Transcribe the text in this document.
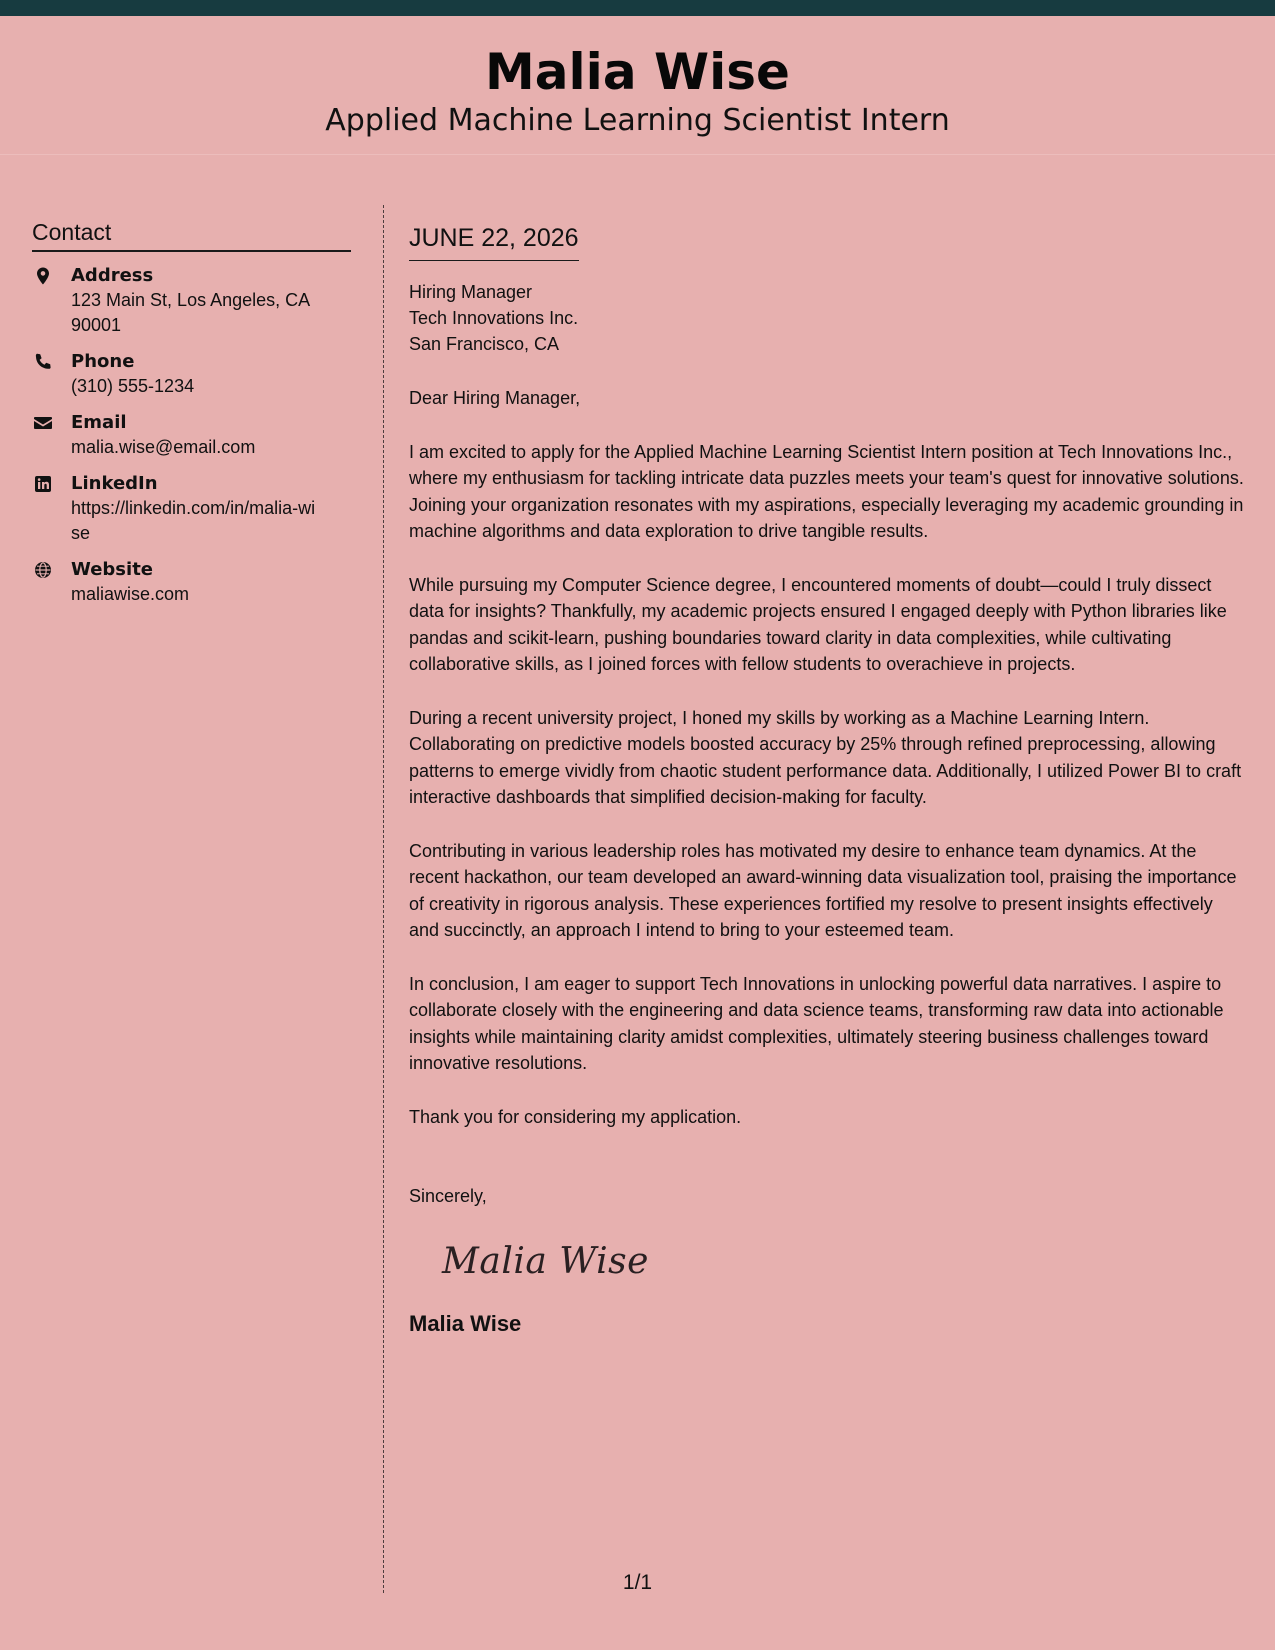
Malia Wise
Applied Machine Learning Scientist Intern
Contact
Address
123 Main St, Los Angeles, CA 90001
Phone
(310) 555-1234
Email
malia.wise@email.com
LinkedIn
https://linkedin.com/in/malia-wise
Website
maliawise.com
JUNE 22, 2026
Hiring Manager
Tech Innovations Inc.
San Francisco, CA
Dear Hiring Manager,
I am excited to apply for the Applied Machine Learning Scientist Intern position at Tech Innovations Inc., where my enthusiasm for tackling intricate data puzzles meets your team's quest for innovative solutions. Joining your organization resonates with my aspirations, especially leveraging my academic grounding in machine algorithms and data exploration to drive tangible results.
While pursuing my Computer Science degree, I encountered moments of doubt—could I truly dissect data for insights? Thankfully, my academic projects ensured I engaged deeply with Python libraries like pandas and scikit-learn, pushing boundaries toward clarity in data complexities, while cultivating collaborative skills, as I joined forces with fellow students to overachieve in projects.
During a recent university project, I honed my skills by working as a Machine Learning Intern. Collaborating on predictive models boosted accuracy by 25% through refined preprocessing, allowing patterns to emerge vividly from chaotic student performance data. Additionally, I utilized Power BI to craft interactive dashboards that simplified decision-making for faculty.
Contributing in various leadership roles has motivated my desire to enhance team dynamics. At the recent hackathon, our team developed an award-winning data visualization tool, praising the importance of creativity in rigorous analysis. These experiences fortified my resolve to present insights effectively and succinctly, an approach I intend to bring to your esteemed team.
In conclusion, I am eager to support Tech Innovations in unlocking powerful data narratives. I aspire to collaborate closely with the engineering and data science teams, transforming raw data into actionable insights while maintaining clarity amidst complexities, ultimately steering business challenges toward innovative resolutions.
Thank you for considering my application.
Sincerely,
Malia Wise
Malia Wise
1/1
